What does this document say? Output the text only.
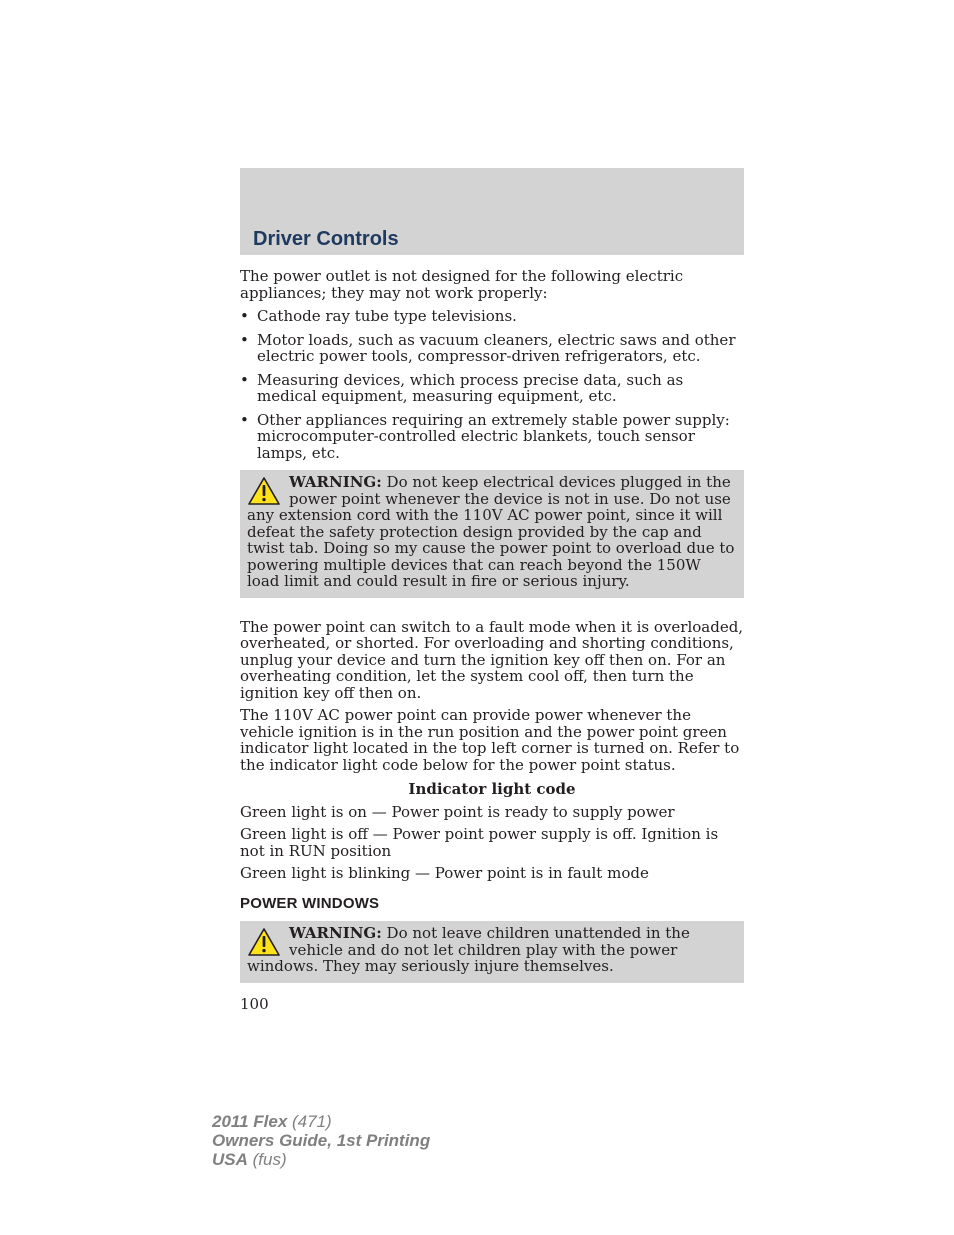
Driver Controls

The power outlet is not designed for the following electric appliances; they may not work properly:

• Cathode ray tube type televisions.
• Motor loads, such as vacuum cleaners, electric saws and other electric power tools, compressor-driven refrigerators, etc.
• Measuring devices, which process precise data, such as medical equipment, measuring equipment, etc.
• Other appliances requiring an extremely stable power supply: microcomputer-controlled electric blankets, touch sensor lamps, etc.

WARNING: Do not keep electrical devices plugged in the power point whenever the device is not in use. Do not use any extension cord with the 110V AC power point, since it will defeat the safety protection design provided by the cap and twist tab. Doing so my cause the power point to overload due to powering multiple devices that can reach beyond the 150W load limit and could result in fire or serious injury.

The power point can switch to a fault mode when it is overloaded, overheated, or shorted. For overloading and shorting conditions, unplug your device and turn the ignition key off then on. For an overheating condition, let the system cool off, then turn the ignition key off then on.

The 110V AC power point can provide power whenever the vehicle ignition is in the run position and the power point green indicator light located in the top left corner is turned on. Refer to the indicator light code below for the power point status.

Indicator light code

Green light is on — Power point is ready to supply power

Green light is off — Power point power supply is off. Ignition is not in RUN position

Green light is blinking — Power point is in fault mode

POWER WINDOWS

WARNING: Do not leave children unattended in the vehicle and do not let children play with the power windows. They may seriously injure themselves.

100

2011 Flex (471)
Owners Guide, 1st Printing
USA (fus)
